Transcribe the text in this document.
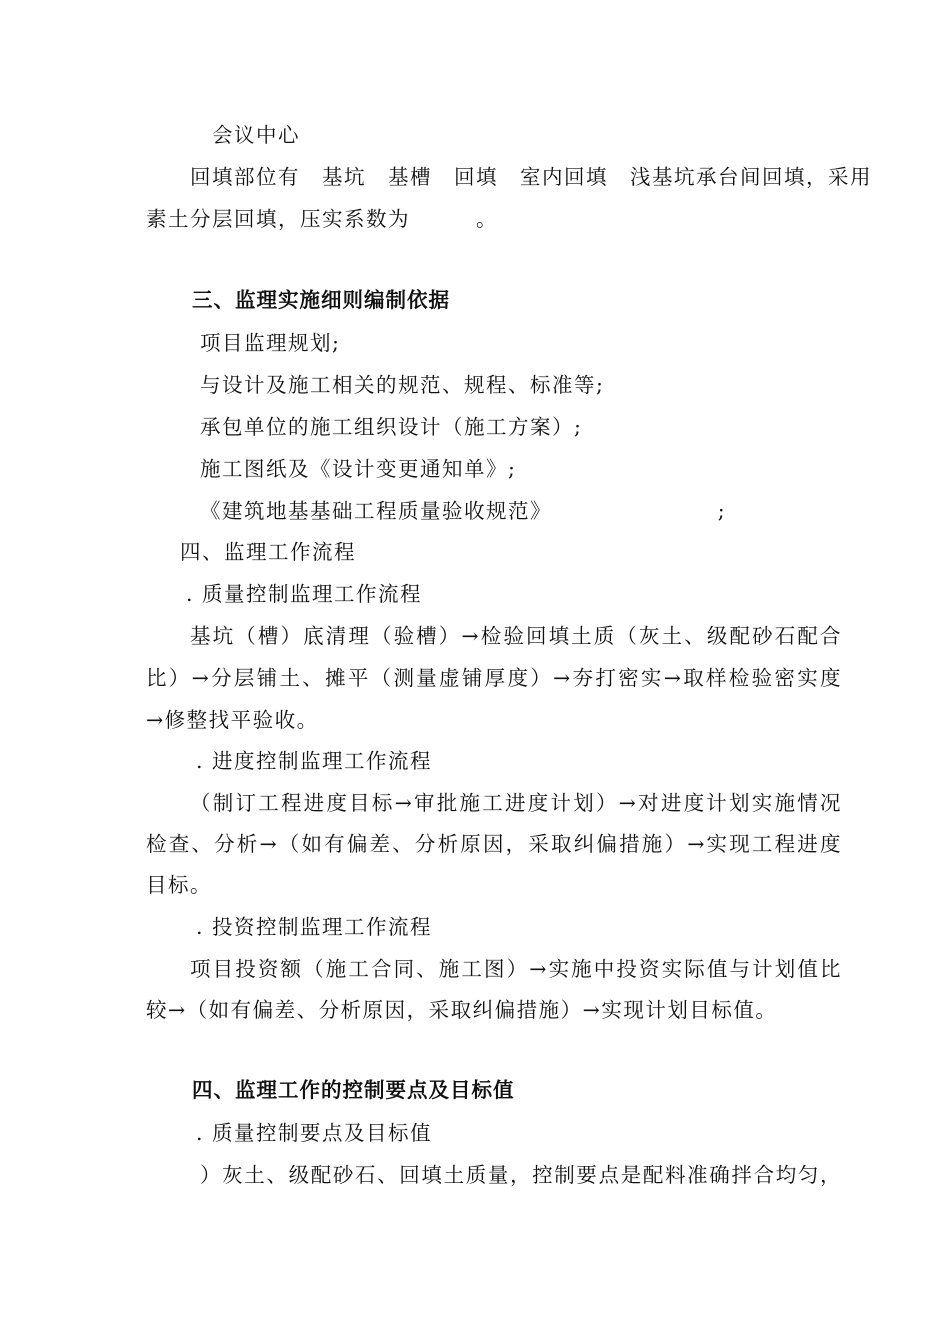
会议中心
回填部位有　基坑　基槽　回填　室内回填　浅基坑承台间回填，采用
素土分层回填，压实系数为　　　。
三、监理实施细则编制依据
项目监理规划;
与设计及施工相关的规范、规程、标准等;
承包单位的施工组织设计（施工方案）;
施工图纸及《设计变更通知单》;
《建筑地基基础工程质量验收规范》　　　　　　　　;
四、监理工作流程
. 质量控制监理工作流程
基坑（槽）底清理（验槽）→检验回填土质（灰土、级配砂石配合
比）→分层铺土、摊平（测量虚铺厚度）→夯打密实→取样检验密实度
→修整找平验收。
. 进度控制监理工作流程
（制订工程进度目标→审批施工进度计划）→对进度计划实施情况
检查、分析→（如有偏差、分析原因，采取纠偏措施）→实现工程进度
目标。
. 投资控制监理工作流程
项目投资额（施工合同、施工图）→实施中投资实际值与计划值比
较→（如有偏差、分析原因，采取纠偏措施）→实现计划目标值。
四、监理工作的控制要点及目标值
. 质量控制要点及目标值
）灰土、级配砂石、回填土质量，控制要点是配料准确拌合均匀，
